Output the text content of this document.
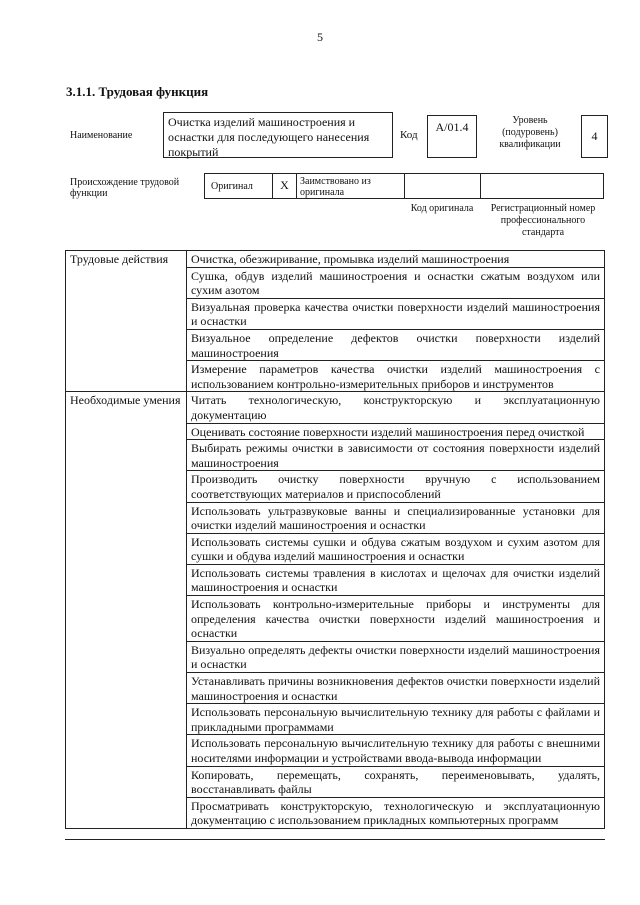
5
3.1.1. Трудовая функция
Наименование
Очистка изделий машиностроения и оснастки для последующего нанесения покрытий
Код
А/01.4	Уровень (подуровень) квалификации
4
Происхождение трудовой функции
Оригинал	X	Заимствовано из оригинала
Код оригинала	Регистрационный номер профессионального стандарта
Трудовые действия	Очистка, обезжиривание, промывка изделий машиностроения
	Сушка, обдув изделий машиностроения и оснастки сжатым воздухом или сухим азотом
	Визуальная проверка качества очистки поверхности изделий машиностроения и оснастки
	Визуальное определение дефектов очистки поверхности изделий машиностроения
	Измерение параметров качества очистки изделий машиностроения с использованием контрольно-измерительных приборов и инструментов
Необходимые умения	Читать технологическую, конструкторскую и эксплуатационную документацию
	Оценивать состояние поверхности изделий машиностроения перед очисткой
	Выбирать режимы очистки в зависимости от состояния поверхности изделий машиностроения
	Производить очистку поверхности вручную с использованием соответствующих материалов и приспособлений
	Использовать ультразвуковые ванны и специализированные установки для очистки изделий машиностроения и оснастки
	Использовать системы сушки и обдува сжатым воздухом и сухим азотом для сушки и обдува изделий машиностроения и оснастки
	Использовать системы травления в кислотах и щелочах для очистки изделий машиностроения и оснастки
	Использовать контрольно-измерительные приборы и инструменты для определения качества очистки поверхности изделий машиностроения и оснастки
	Визуально определять дефекты очистки поверхности изделий машиностроения и оснастки
	Устанавливать причины возникновения дефектов очистки поверхности изделий машиностроения и оснастки
	Использовать персональную вычислительную технику для работы с файлами и прикладными программами
	Использовать персональную вычислительную технику для работы с внешними носителями информации и устройствами ввода-вывода информации
	Копировать, перемещать, сохранять, переименовывать, удалять, восстанавливать файлы
	Просматривать конструкторскую, технологическую и эксплуатационную документацию с использованием прикладных компьютерных программ
